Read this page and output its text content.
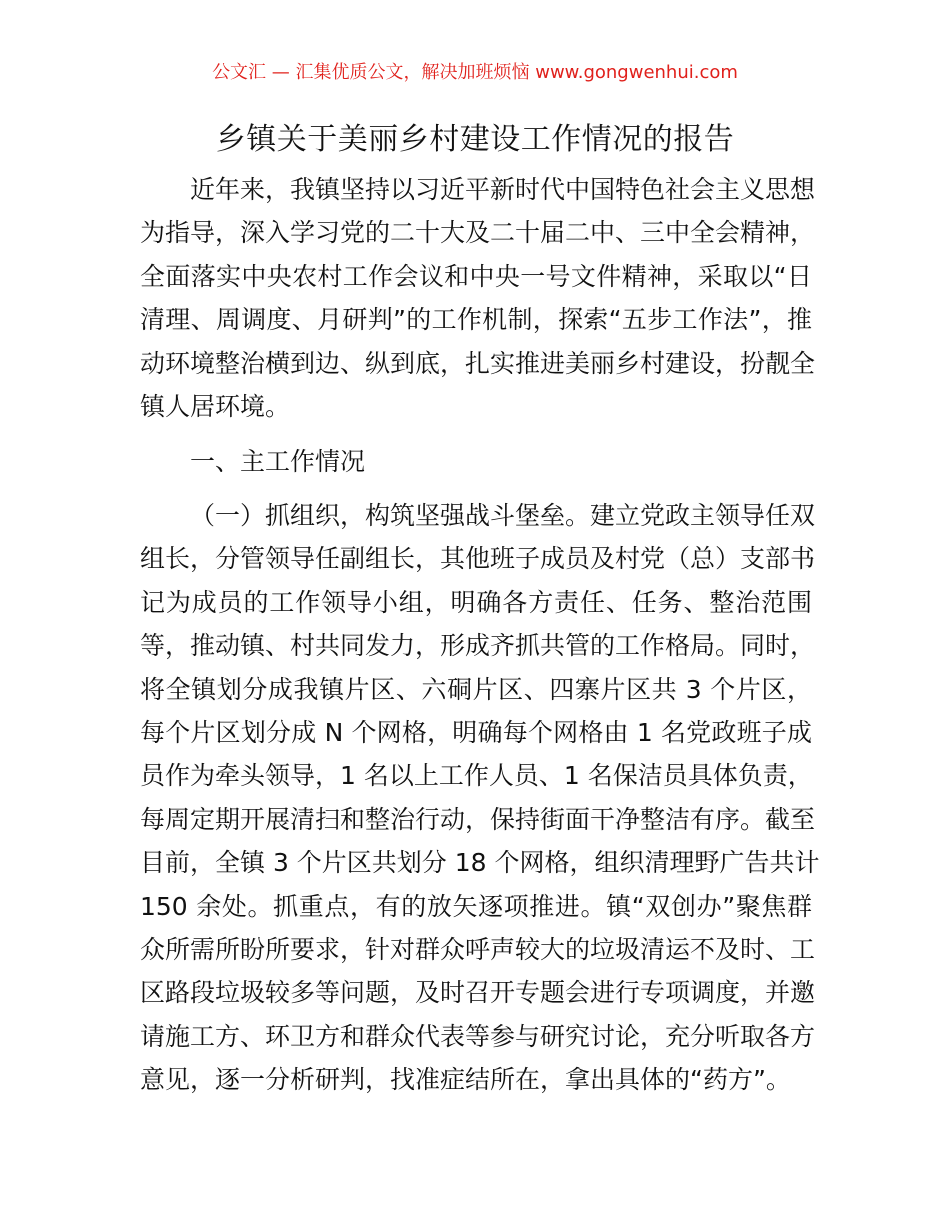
公文汇 — 汇集优质公文，解决加班烦恼 www.gongwenhui.com
乡镇关于美丽乡村建设工作情况的报告
近年来，我镇坚持以习近平新时代中国特色社会主义思想
为指导，深入学习党的二十大及二十届二中、三中全会精神，
全面落实中央农村工作会议和中央一号文件精神，采取以“日
清理、周调度、月研判”的工作机制，探索“五步工作法”，推
动环境整治横到边、纵到底，扎实推进美丽乡村建设，扮靓全
镇人居环境。
一、主工作情况
（一）抓组织，构筑坚强战斗堡垒。建立党政主领导任双
组长，分管领导任副组长，其他班子成员及村党（总）支部书
记为成员的工作领导小组，明确各方责任、任务、整治范围
等，推动镇、村共同发力，形成齐抓共管的工作格局。同时，
将全镇划分成我镇片区、六硐片区、四寨片区共 3 个片区，
每个片区划分成 N 个网格，明确每个网格由 1 名党政班子成
员作为牵头领导，1 名以上工作人员、1 名保洁员具体负责，
每周定期开展清扫和整治行动，保持街面干净整洁有序。截至
目前，全镇 3 个片区共划分 18 个网格，组织清理野广告共计
150 余处。抓重点，有的放矢逐项推进。镇“双创办”聚焦群
众所需所盼所要求，针对群众呼声较大的垃圾清运不及时、工
区路段垃圾较多等问题，及时召开专题会进行专项调度，并邀
请施工方、环卫方和群众代表等参与研究讨论，充分听取各方
意见，逐一分析研判，找准症结所在，拿出具体的“药方”。
